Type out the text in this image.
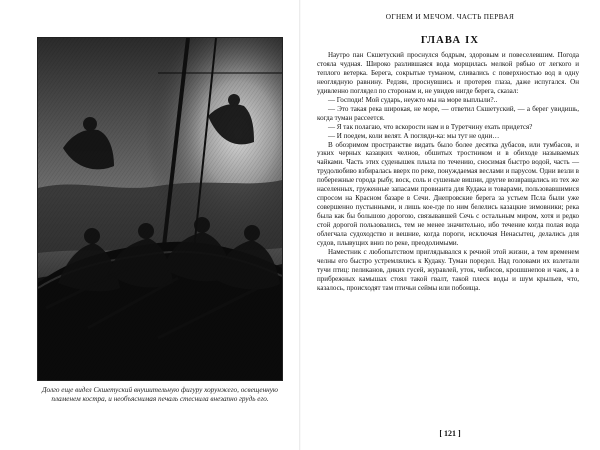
Долго еще видел Скшетуский внушительную фигуру хорунжего, освещенную пламенем костра, и необъяснимая печаль стеснила внезапно грудь его.
ОГНЕМ И МЕЧОМ. ЧАСТЬ ПЕРВАЯ
ГЛАВА IX

Наутро пан Скшетуский проснулся бодрым, здоровым и повеселевшим. Погода стояла чудная. Широко разлившаяся вода морщилась мелкой рябью от легкого и теплого ветерка. Берега, сокрытые туманом, сливались с поверхностью вод в одну неоглядную равнину. Редзян, проснувшись и протерев глаза, даже испугался. Он удивленно поглядел по сторонам и, не увидев нигде берега, сказал:

— Господи! Мой сударь, неужто мы на море выплыли?..

— Это такая река широкая, не море, — ответил Скшетуский, — а берег увидишь, когда туман рассеется.

— Я так полагаю, что вскорости нам и в Туретчину ехать придется?

— И поедем, коли велят. А погляди-ка: мы тут не одни…

В обозримом пространстве видать было более десятка дубасов, или тумбасов, и узких черных казацких челнов, обшитых тростником и в обиходе называемых чайками. Часть этих суденышек плыла по течению, сносимая быстро водой, часть — трудолюбиво взбиралась вверх по реке, понуждаемая веслами и парусом. Одни везли в побережные города рыбу, воск, соль и сушеные вишни, другие возвращались из тех же населенных, груженные запасами провианта для Кудака и товарами, пользовавшимися спросом на Красном базаре в Сечи. Днепровские берега за устьем Псла были уже совершенно пустынными, и лишь кое-где по ним белелись казацкие зимовники; река была как бы большою дорогою, связывавшей Сечь с остальным миром, хотя и редко стой дорогой пользовались, тем не менее значительно, ибо течение когда полая вода облегчала судоходство и вешние, когда пороги, исключая Ненасытец, делались для судов, плывущих вниз по реке, преодолимыми.

Наместник с любопытством приглядывался к речной этой жизни, а тем временем челны его быстро устремлялись к Кудаку. Туман поредел. Над головами их взлетали тучи птиц: пеликанов, диких гусей, журавлей, уток, чибисов, крошшнепов и чаек, а в прибрежных камышах стоял такой гвалт, такой плеск воды и шум крыльев, что, казалось, происходят там птичьи сеймы или побоища.

[ 121 ]
